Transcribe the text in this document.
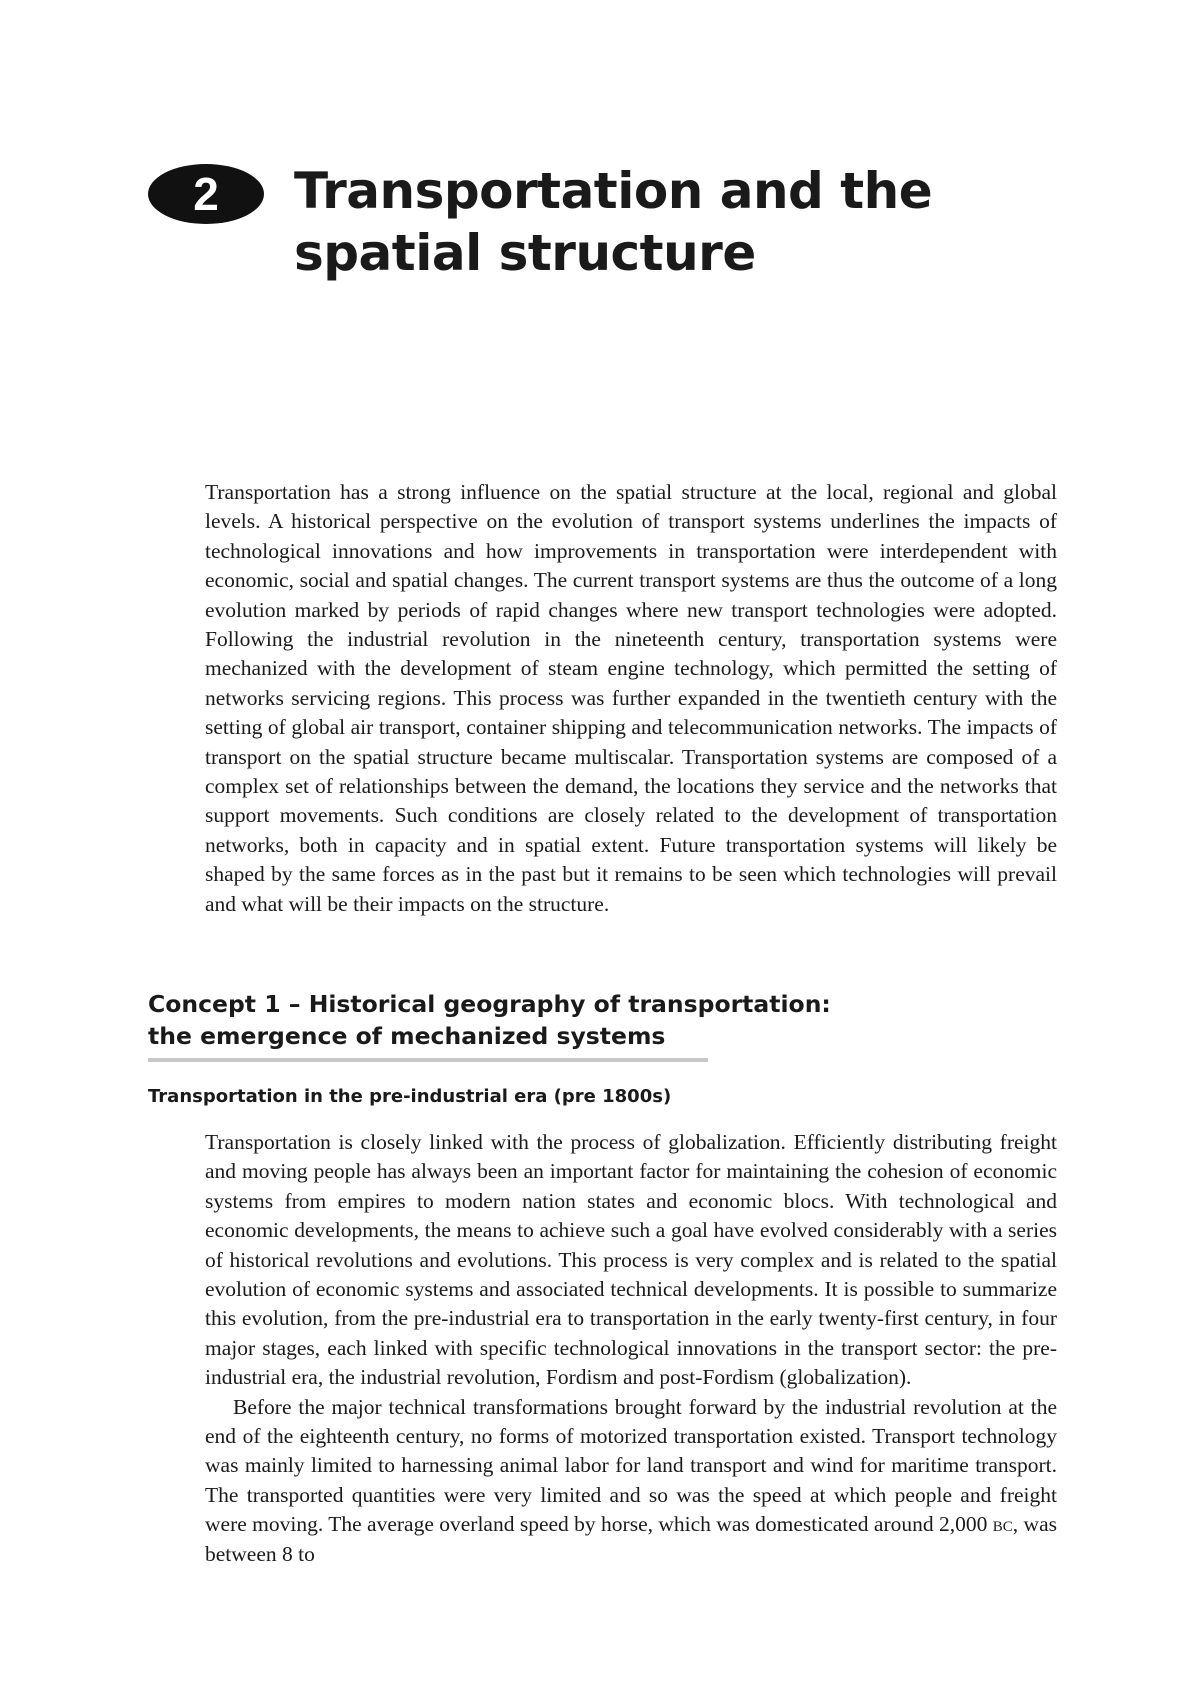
2	Transportation and the
spatial structure

Transportation has a strong influence on the spatial structure at the local, regional and global levels. A historical perspective on the evolution of transport systems underlines the impacts of technological innovations and how improvements in transportation were interdependent with economic, social and spatial changes. The current transport systems are thus the outcome of a long evolution marked by periods of rapid changes where new transport technologies were adopted. Following the industrial revolution in the nineteenth century, transportation systems were mechanized with the development of steam engine technology, which permitted the setting of networks servicing regions. This process was further expanded in the twentieth century with the setting of global air transport, container shipping and telecommunication networks. The impacts of transport on the spatial structure became multiscalar. Transportation systems are composed of a complex set of relationships between the demand, the locations they service and the networks that support movements. Such conditions are closely related to the development of transportation networks, both in capacity and in spatial extent. Future transportation systems will likely be shaped by the same forces as in the past but it remains to be seen which technologies will prevail and what will be their impacts on the structure.

Concept 1 – Historical geography of transportation:
the emergence of mechanized systems
Transportation in the pre-industrial era (pre 1800s)

Transportation is closely linked with the process of globalization. Efficiently distributing freight and moving people has always been an important factor for maintaining the cohesion of economic systems from empires to modern nation states and economic blocs. With technological and economic developments, the means to achieve such a goal have evolved considerably with a series of historical revolutions and evolutions. This process is very complex and is related to the spatial evolution of economic systems and associated technical developments. It is possible to summarize this evolution, from the pre-industrial era to transportation in the early twenty-first century, in four major stages, each linked with specific technological innovations in the transport sector: the pre-industrial era, the industrial revolution, Fordism and post-Fordism (globalization).

Before the major technical transformations brought forward by the industrial revolution at the end of the eighteenth century, no forms of motorized transportation existed. Transport technology was mainly limited to harnessing animal labor for land transport and wind for maritime transport. The transported quantities were very limited and so was the speed at which people and freight were moving. The average overland speed by horse, which was domesticated around 2,000 bc, was between 8 to
